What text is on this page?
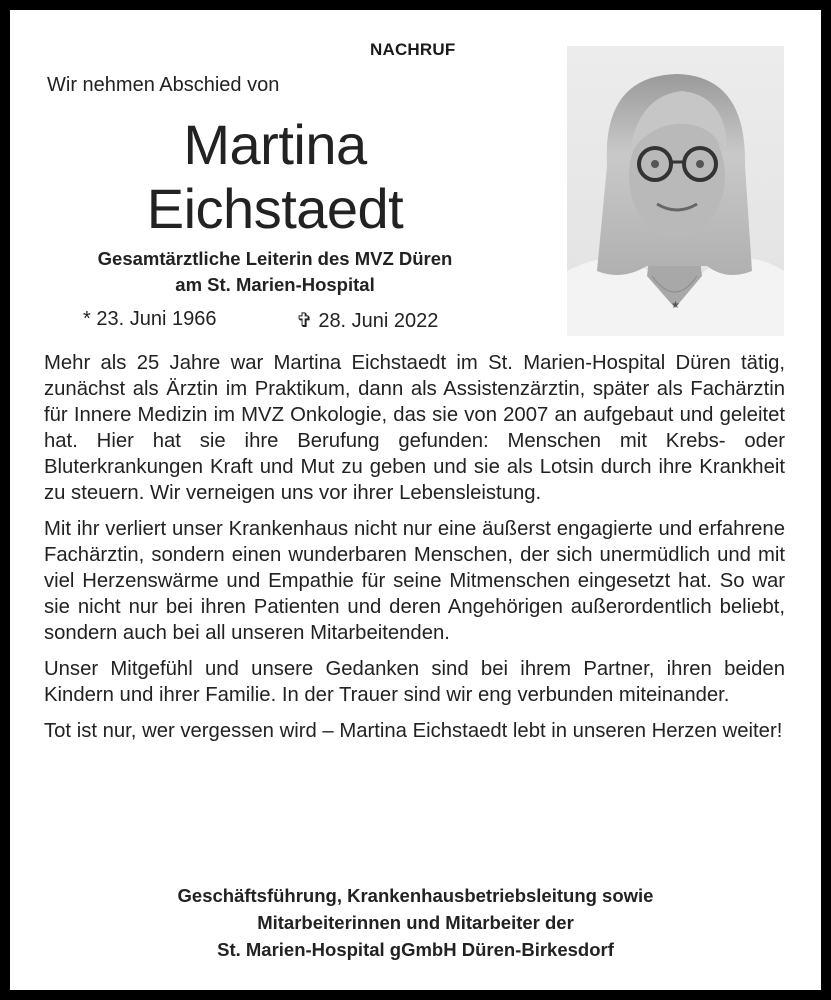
NACHRUF
Wir nehmen Abschied von
Martina
Eichstaedt
Gesamtärztliche Leiterin des MVZ Düren
am St. Marien-Hospital
* 23. Juni 1966	✞ 28. Juni 2022
★

Mehr als 25 Jahre war Martina Eichstaedt im St. Marien-Hospital Düren tätig, zunächst als Ärztin im Praktikum, dann als Assistenzärztin, später als Fachärztin für Innere Medizin im MVZ Onkologie, das sie von 2007 an aufgebaut und geleitet hat. Hier hat sie ihre Berufung gefunden: Menschen mit Krebs- oder Bluterkrankungen Kraft und Mut zu geben und sie als Lotsin durch ihre Krankheit zu steuern. Wir verneigen uns vor ihrer Lebensleistung.

Mit ihr verliert unser Krankenhaus nicht nur eine äußerst engagierte und erfahrene Fachärztin, sondern einen wunderbaren Menschen, der sich unermüdlich und mit viel Herzenswärme und Empathie für seine Mitmenschen eingesetzt hat. So war sie nicht nur bei ihren Patienten und deren Angehörigen außerordentlich beliebt, sondern auch bei all unseren Mitarbeitenden.

Unser Mitgefühl und unsere Gedanken sind bei ihrem Partner, ihren beiden Kindern und ihrer Familie. In der Trauer sind wir eng verbunden miteinander.

Tot ist nur, wer vergessen wird – Martina Eichstaedt lebt in unseren Herzen weiter!

Geschäftsführung, Krankenhausbetriebsleitung sowie
Mitarbeiterinnen und Mitarbeiter der
St. Marien-Hospital gGmbH Düren-Birkesdorf
